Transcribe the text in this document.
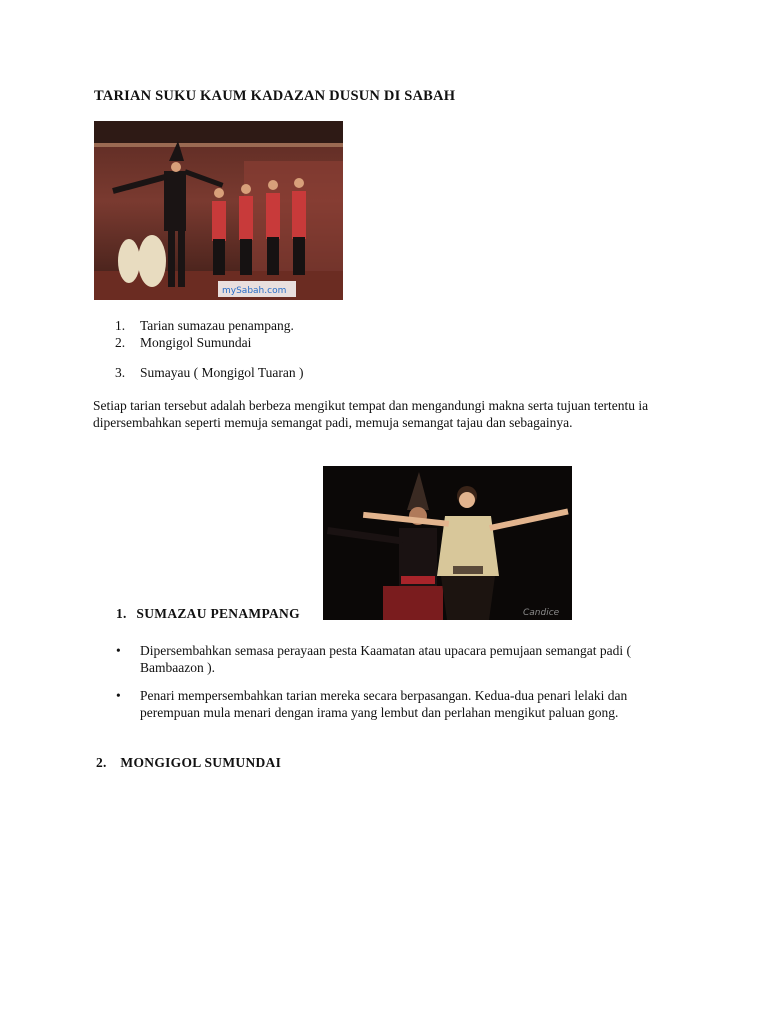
TARIAN SUKU KAUM KADAZAN DUSUN DI SABAH
mySabah.com
1. Tarian sumazau penampang.
2. Mongigol Sumundai
3. Sumayau ( Mongigol Tuaran )
Setiap tarian tersebut adalah berbeza mengikut tempat dan mengandungi makna serta tujuan tertentu ia dipersembahkan seperti memuja semangat padi, memuja semangat tajau dan sebagainya.
Candice
1. SUMAZAU PENAMPANG
• Dipersembahkan semasa perayaan pesta Kaamatan atau upacara pemujaan semangat padi ( Bambaazon ).
• Penari mempersembahkan tarian mereka secara berpasangan. Kedua-dua penari lelaki dan perempuan mula menari dengan irama yang lembut dan perlahan mengikut paluan gong.
2. MONGIGOL SUMUNDAI
